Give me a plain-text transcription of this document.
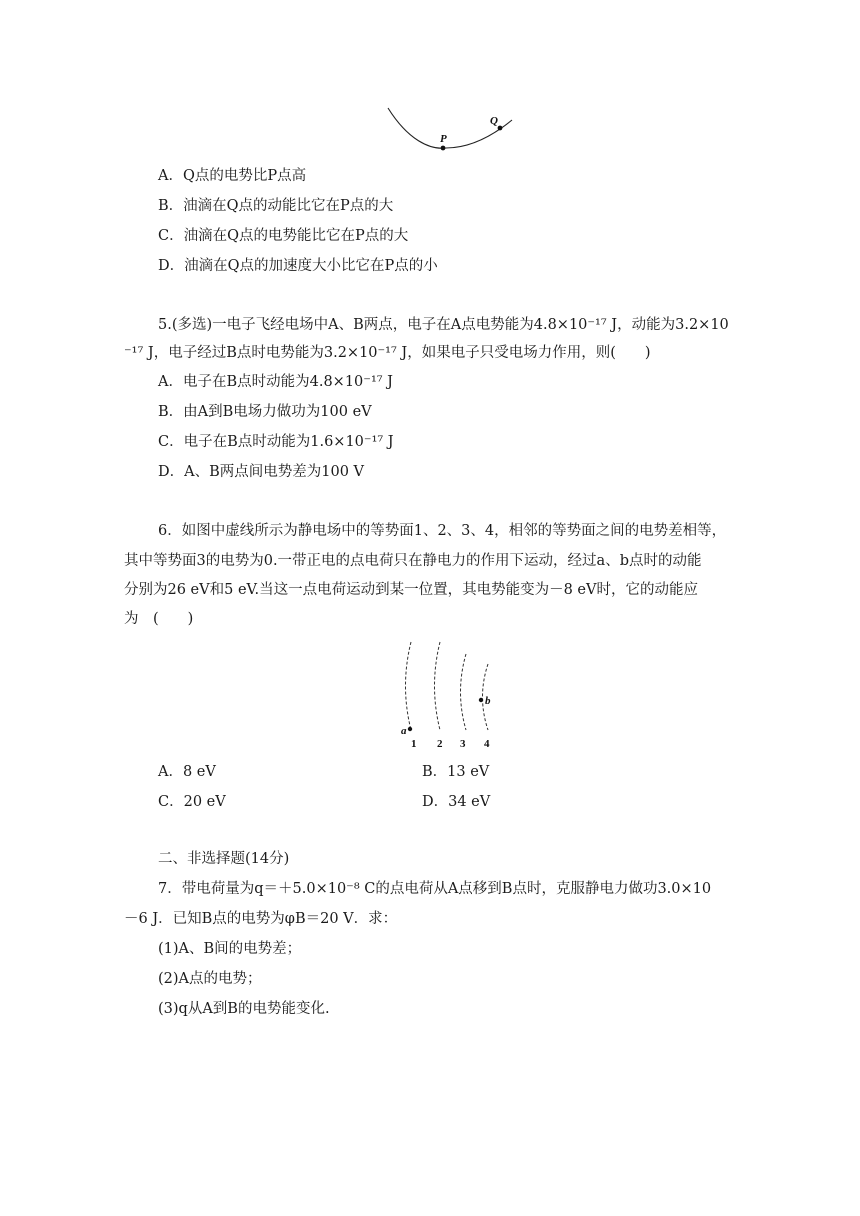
P
Q
A．Q点的电势比P点高
B．油滴在Q点的动能比它在P点的大
C．油滴在Q点的电势能比它在P点的大
D．油滴在Q点的加速度大小比它在P点的小
5.(多选)一电子飞经电场中A、B两点，电子在A点电势能为4.8×10⁻¹⁷ J，动能为3.2×10
⁻¹⁷ J，电子经过B点时电势能为3.2×10⁻¹⁷ J，如果电子只受电场力作用，则(　　)
A．电子在B点时动能为4.8×10⁻¹⁷ J
B．由A到B电场力做功为100 eV
C．电子在B点时动能为1.6×10⁻¹⁷ J
D．A、B两点间电势差为100 V
6．如图中虚线所示为静电场中的等势面1、2、3、4，相邻的等势面之间的电势差相等，
其中等势面3的电势为0.一带正电的点电荷只在静电力的作用下运动，经过a、b点时的动能
分别为26 eV和5 eV.当这一点电荷运动到某一位置，其电势能变为－8 eV时，它的动能应
为　(　　)
a
b
1 2 3 4
A．8 eV	B．13 eV
C．20 eV	D．34 eV
二、非选择题(14分)
7．带电荷量为q＝＋5.0×10⁻⁸ C的点电荷从A点移到B点时，克服静电力做功3.0×10
－6 J．已知B点的电势为φB＝20 V．求：
(1)A、B间的电势差；
(2)A点的电势；
(3)q从A到B的电势能变化.
